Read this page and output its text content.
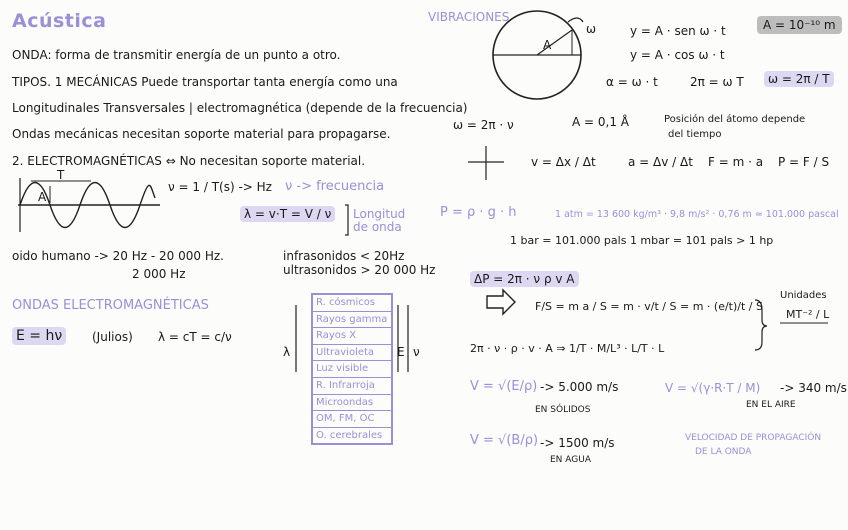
Acústica
ONDA: forma de transmitir energía de un punto a otro.
TIPOS. 1 MECÁNICAS Puede transportar tanta energía como una
Longitudinales Transversales | electromagnética (depende de la frecuencia)
Ondas mecánicas necesitan soporte material para propagarse.
2. ELECTROMAGNÉTICAS ⇔ No necesitan soporte material.
T
A
ν = 1 / T(s) -> Hz ν -> frecuencia
λ = v·T = V / ν	Longitud de onda
oido humano -> 20 Hz - 20 000 Hz.
2 000 Hz
infrasonidos < 20Hz
ultrasonidos > 20 000 Hz
ONDAS ELECTROMAGNÉTICAS
E = hν	(Julios) λ = cT = c/ν
λ	E ν
R. cósmicos
Rayos gamma
Rayos X
Ultravioleta
Luz visible
R. Infrarroja
Microondas
OM, FM, OC
O. cerebrales
VIBRACIONES
A
ω	y = A · sen ω · t
y = A · cos ω · t
A = 10⁻¹⁰ m
α = ω · t	2π = ω T	ω = 2π / T
ω = 2π · ν	A = 0,1 Å	Posición del átomo depende
del tiempo
v = Δx / Δt	a = Δv / Δt F = m · a P = F / S
P = ρ · g · h	1 atm = 13 600 kg/m³ · 9,8 m/s² · 0,76 m ≃ 101.000 pascal
1 bar = 101.000 pals 1 mbar = 101 pals > 1 hp
ΔP = 2π · ν ρ v A
F/S = m a / S = m · v/t / S = m · (e/t)/t / S
Unidades
MT⁻² / L
2π · ν · ρ · v · A ⇒ 1/T · M/L³ · L/T · L
V = √(E/ρ) -> 5.000 m/s
EN SÓLIDOS
V = √(γ·R·T / M) -> 340 m/s
EN EL AIRE
V = √(B/ρ) -> 1500 m/s
EN AGUA
VELOCIDAD DE PROPAGACIÓN
DE LA ONDA
